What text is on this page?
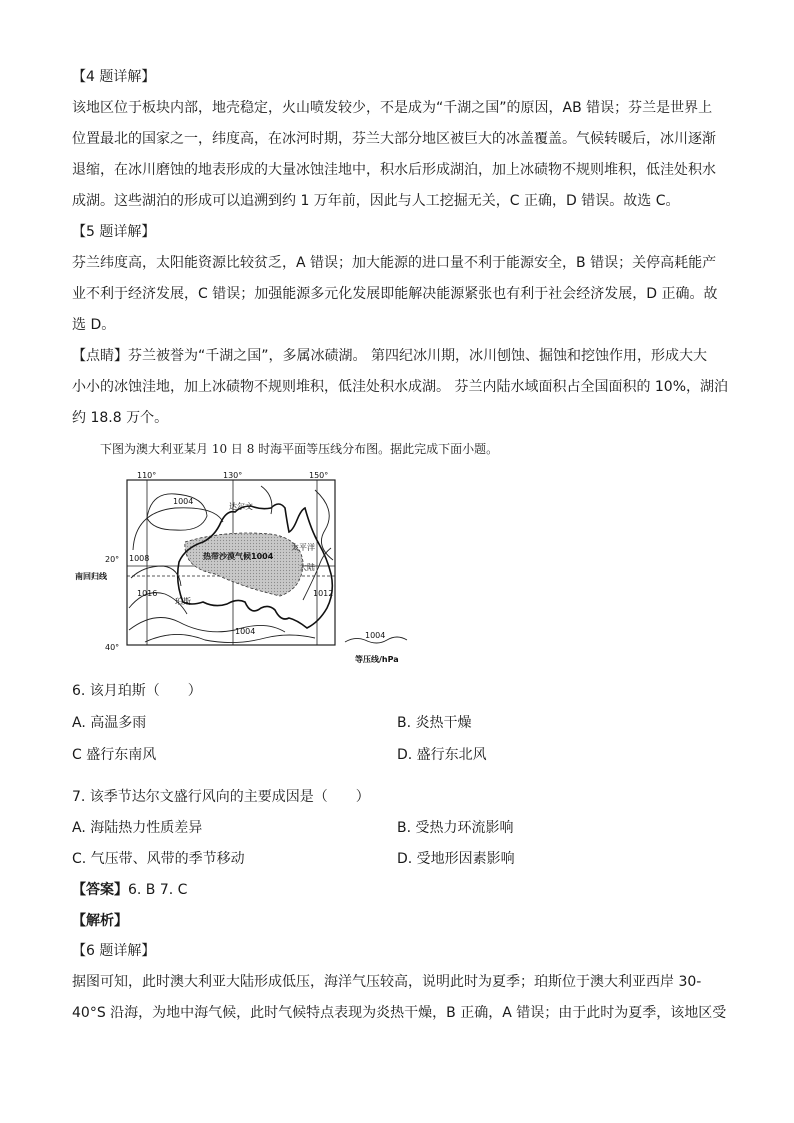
【4 题详解】
该地区位于板块内部，地壳稳定，火山喷发较少，不是成为“千湖之国”的原因，AB 错误；芬兰是世界上
位置最北的国家之一，纬度高，在冰河时期，芬兰大部分地区被巨大的冰盖覆盖。气候转暖后，冰川逐渐
退缩，在冰川磨蚀的地表形成的大量冰蚀洼地中，积水后形成湖泊，加上冰碛物不规则堆积，低洼处积水
成湖。这些湖泊的形成可以追溯到约 1 万年前，因此与人工挖掘无关，C 正确，D 错误。故选 C。
【5 题详解】
芬兰纬度高，太阳能资源比较贫乏，A 错误；加大能源的进口量不利于能源安全，B 错误；关停高耗能产
业不利于经济发展，C 错误；加强能源多元化发展即能解决能源紧张也有利于社会经济发展，D 正确。故
选 D。
【点睛】芬兰被誉为“千湖之国”，多属冰碛湖。 第四纪冰川期，冰川刨蚀、掘蚀和挖蚀作用，形成大大
小小的冰蚀洼地，加上冰碛物不规则堆积，低洼处积水成湖。 芬兰内陆水域面积占全国面积的 10%，湖泊
约 18.8 万个。
下图为澳大利亚某月 10 日 8 时海平面等压线分布图。据此完成下面小题。
110°	130°	150°
20°
40°
南回归线
达尔文
珀斯
热带沙漠气候1004
太平洋
大陆
1004
1008
1016
1004
1012
1004
等压线/hPa
6. 该月珀斯（　　）
A. 高温多雨	B. 炎热干燥
C 盛行东南风	D. 盛行东北风
7. 该季节达尔文盛行风向的主要成因是（　　）
A. 海陆热力性质差异	B. 受热力环流影响
C. 气压带、风带的季节移动	D. 受地形因素影响
【答案】6. B 7. C
【解析】
【6 题详解】
据图可知，此时澳大利亚大陆形成低压，海洋气压较高，说明此时为夏季；珀斯位于澳大利亚西岸 30-
40°S 沿海，为地中海气候，此时气候特点表现为炎热干燥，B 正确，A 错误；由于此时为夏季，该地区受
